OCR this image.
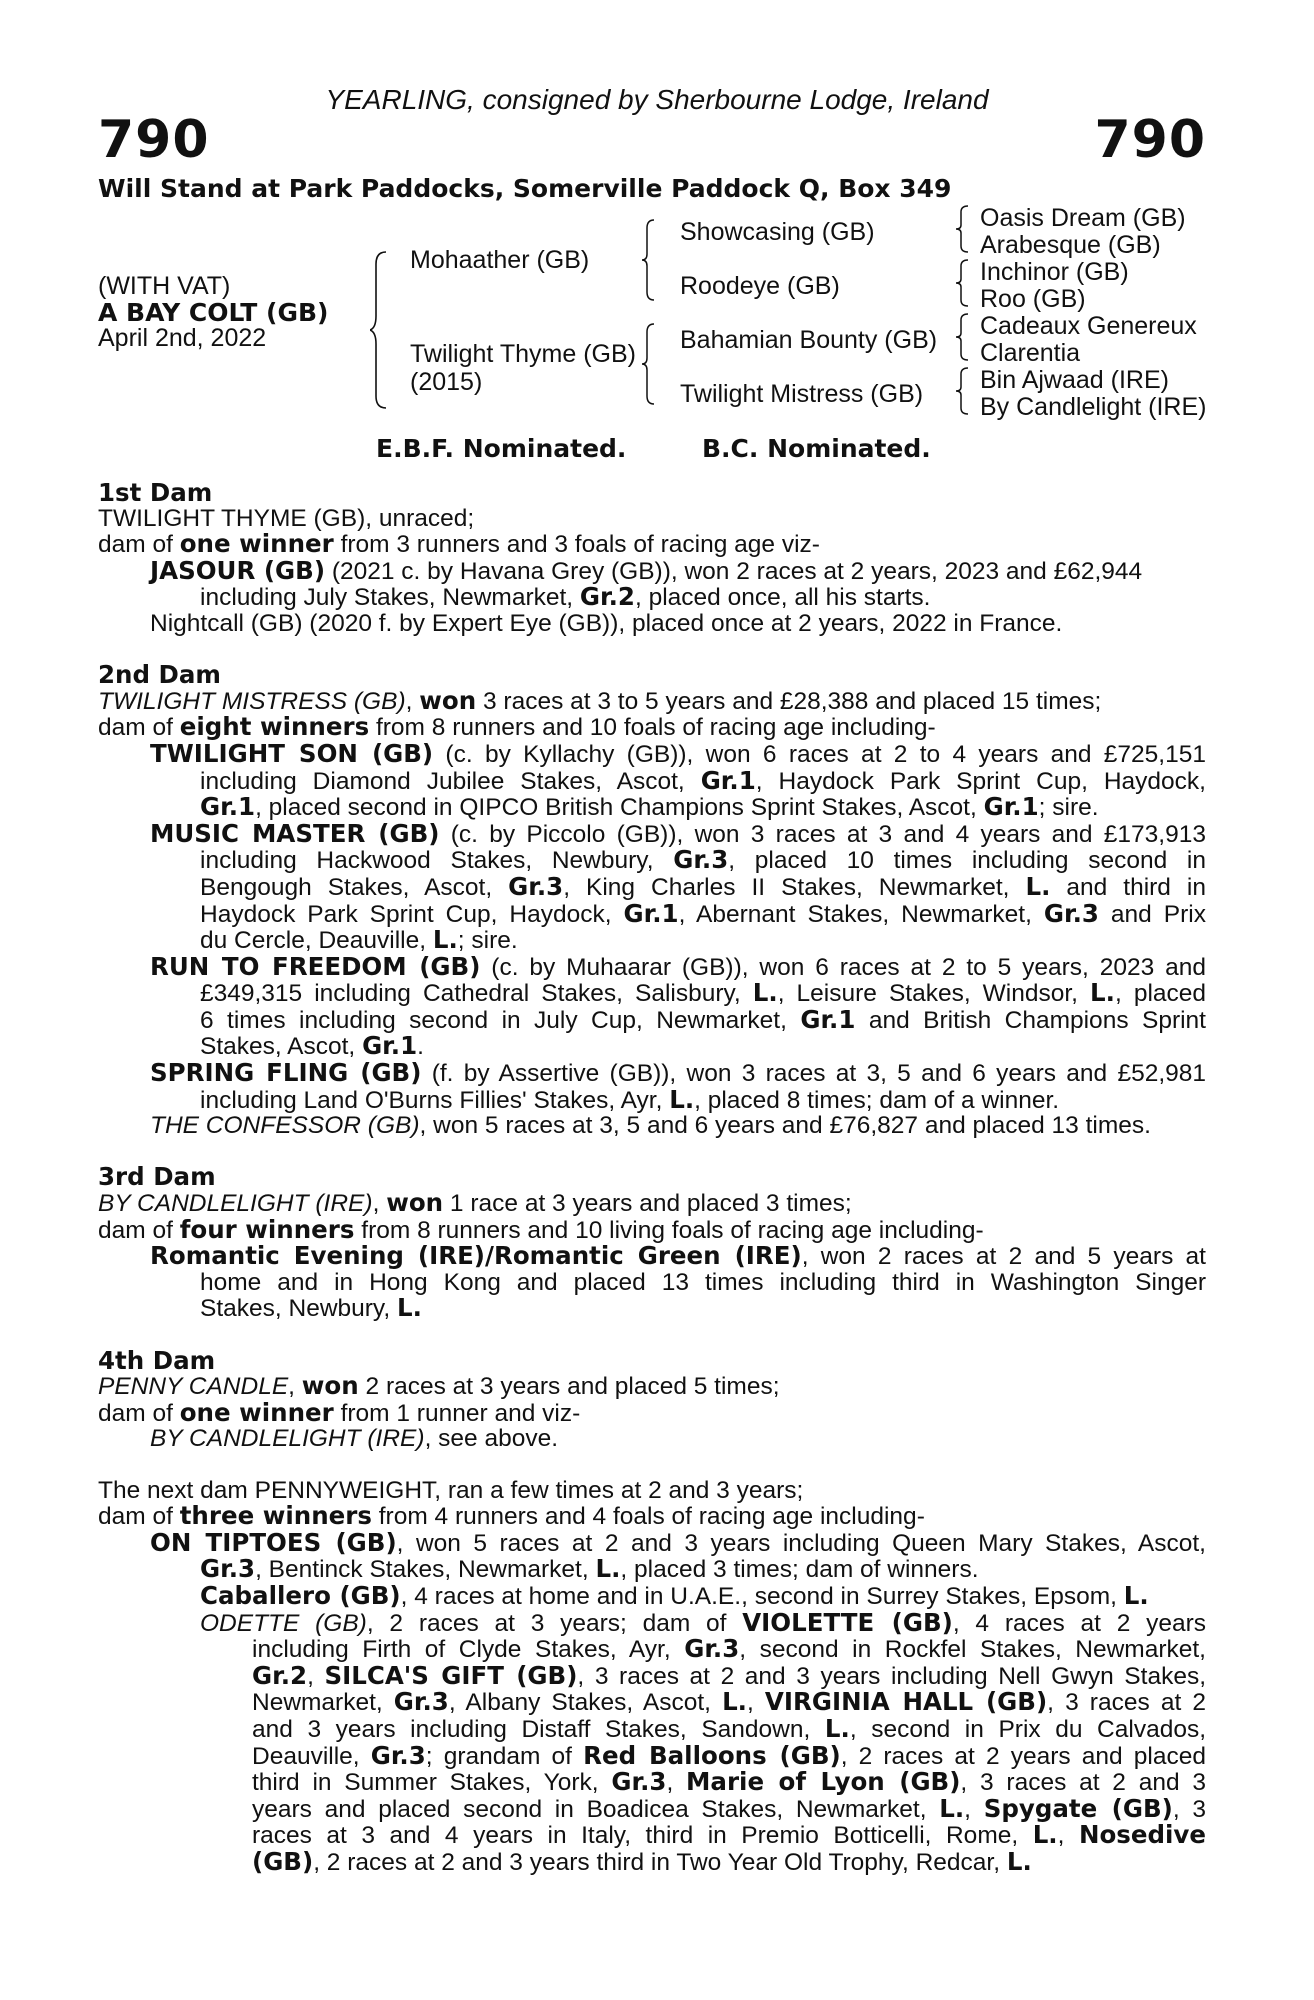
YEARLING, consigned by Sherbourne Lodge, Ireland
790	790
Will Stand at Park Paddocks, Somerville Paddock Q, Box 349
(WITH VAT)
A BAY COLT (GB)
April 2nd, 2022
Mohaather (GB)
Twilight Thyme (GB)
(2015)
Showcasing (GB)
Roodeye (GB)
Bahamian Bounty (GB)
Twilight Mistress (GB)
Oasis Dream (GB)
Arabesque (GB)
Inchinor (GB)
Roo (GB)
Cadeaux Genereux
Clarentia
Bin Ajwaad (IRE)
By Candlelight (IRE)
E.B.F. Nominated.	B.C. Nominated.
1st Dam
TWILIGHT THYME (GB), unraced;
dam of one winner from 3 runners and 3 foals of racing age viz-
JASOUR (GB) (2021 c. by Havana Grey (GB)), won 2 races at 2 years, 2023 and £62,944
including July Stakes, Newmarket, Gr.2, placed once, all his starts.
Nightcall (GB) (2020 f. by Expert Eye (GB)), placed once at 2 years, 2022 in France.
2nd Dam
TWILIGHT MISTRESS (GB), won 3 races at 3 to 5 years and £28,388 and placed 15 times;
dam of eight winners from 8 runners and 10 foals of racing age including-
TWILIGHT SON (GB) (c. by Kyllachy (GB)), won 6 races at 2 to 4 years and £725,151
including Diamond Jubilee Stakes, Ascot, Gr.1, Haydock Park Sprint Cup, Haydock,
Gr.1, placed second in QIPCO British Champions Sprint Stakes, Ascot, Gr.1; sire.
MUSIC MASTER (GB) (c. by Piccolo (GB)), won 3 races at 3 and 4 years and £173,913
including Hackwood Stakes, Newbury, Gr.3, placed 10 times including second in
Bengough Stakes, Ascot, Gr.3, King Charles II Stakes, Newmarket, L. and third in
Haydock Park Sprint Cup, Haydock, Gr.1, Abernant Stakes, Newmarket, Gr.3 and Prix
du Cercle, Deauville, L.; sire.
RUN TO FREEDOM (GB) (c. by Muhaarar (GB)), won 6 races at 2 to 5 years, 2023 and
£349,315 including Cathedral Stakes, Salisbury, L., Leisure Stakes, Windsor, L., placed
6 times including second in July Cup, Newmarket, Gr.1 and British Champions Sprint
Stakes, Ascot, Gr.1.
SPRING FLING (GB) (f. by Assertive (GB)), won 3 races at 3, 5 and 6 years and £52,981
including Land O'Burns Fillies' Stakes, Ayr, L., placed 8 times; dam of a winner.
THE CONFESSOR (GB), won 5 races at 3, 5 and 6 years and £76,827 and placed 13 times.
3rd Dam
BY CANDLELIGHT (IRE), won 1 race at 3 years and placed 3 times;
dam of four winners from 8 runners and 10 living foals of racing age including-
Romantic Evening (IRE)/Romantic Green (IRE), won 2 races at 2 and 5 years at
home and in Hong Kong and placed 13 times including third in Washington Singer
Stakes, Newbury, L.
4th Dam
PENNY CANDLE, won 2 races at 3 years and placed 5 times;
dam of one winner from 1 runner and viz-
BY CANDLELIGHT (IRE), see above.
The next dam PENNYWEIGHT, ran a few times at 2 and 3 years;
dam of three winners from 4 runners and 4 foals of racing age including-
ON TIPTOES (GB), won 5 races at 2 and 3 years including Queen Mary Stakes, Ascot,
Gr.3, Bentinck Stakes, Newmarket, L., placed 3 times; dam of winners.
Caballero (GB), 4 races at home and in U.A.E., second in Surrey Stakes, Epsom, L.
ODETTE (GB), 2 races at 3 years; dam of VIOLETTE (GB), 4 races at 2 years
including Firth of Clyde Stakes, Ayr, Gr.3, second in Rockfel Stakes, Newmarket,
Gr.2, SILCA'S GIFT (GB), 3 races at 2 and 3 years including Nell Gwyn Stakes,
Newmarket, Gr.3, Albany Stakes, Ascot, L., VIRGINIA HALL (GB), 3 races at 2
and 3 years including Distaff Stakes, Sandown, L., second in Prix du Calvados,
Deauville, Gr.3; grandam of Red Balloons (GB), 2 races at 2 years and placed
third in Summer Stakes, York, Gr.3, Marie of Lyon (GB), 3 races at 2 and 3
years and placed second in Boadicea Stakes, Newmarket, L., Spygate (GB), 3
races at 3 and 4 years in Italy, third in Premio Botticelli, Rome, L., Nosedive
(GB), 2 races at 2 and 3 years third in Two Year Old Trophy, Redcar, L.
